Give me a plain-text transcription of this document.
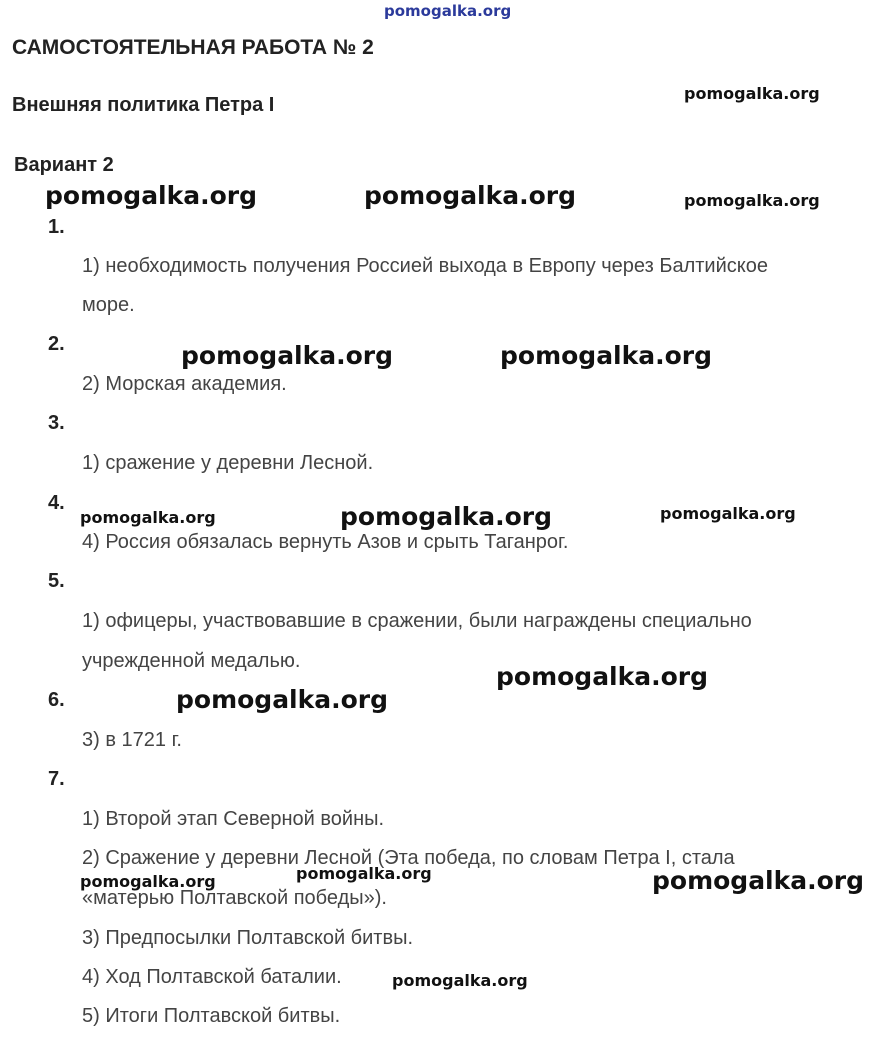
pomogalka.org
САМОСТОЯТЕЛЬНАЯ РАБОТА № 2
Внешняя политика Петра I
Вариант 2
1.
1) необходимость получения Россией выхода в Европу через Балтийское
море.
2.
2) Морская академия.
3.
1) сражение у деревни Лесной.
4.
4) Россия обязалась вернуть Азов и срыть Таганрог.
5.
1) офицеры, участвовавшие в сражении, были награждены специально
учрежденной медалью.
6.
3) в 1721 г.
7.
1) Второй этап Северной войны.
2) Сражение у деревни Лесной (Эта победа, по словам Петра I, стала
«матерью Полтавской победы»).
3) Предпосылки Полтавской битвы.
4) Ход Полтавской баталии.
5) Итоги Полтавской битвы.
pomogalka.org
pomogalka.org	pomogalka.org	pomogalka.org
pomogalka.org	pomogalka.org
pomogalka.org	pomogalka.org	pomogalka.org
pomogalka.org
pomogalka.org
pomogalka.org
pomogalka.org	pomogalka.org
pomogalka.org
